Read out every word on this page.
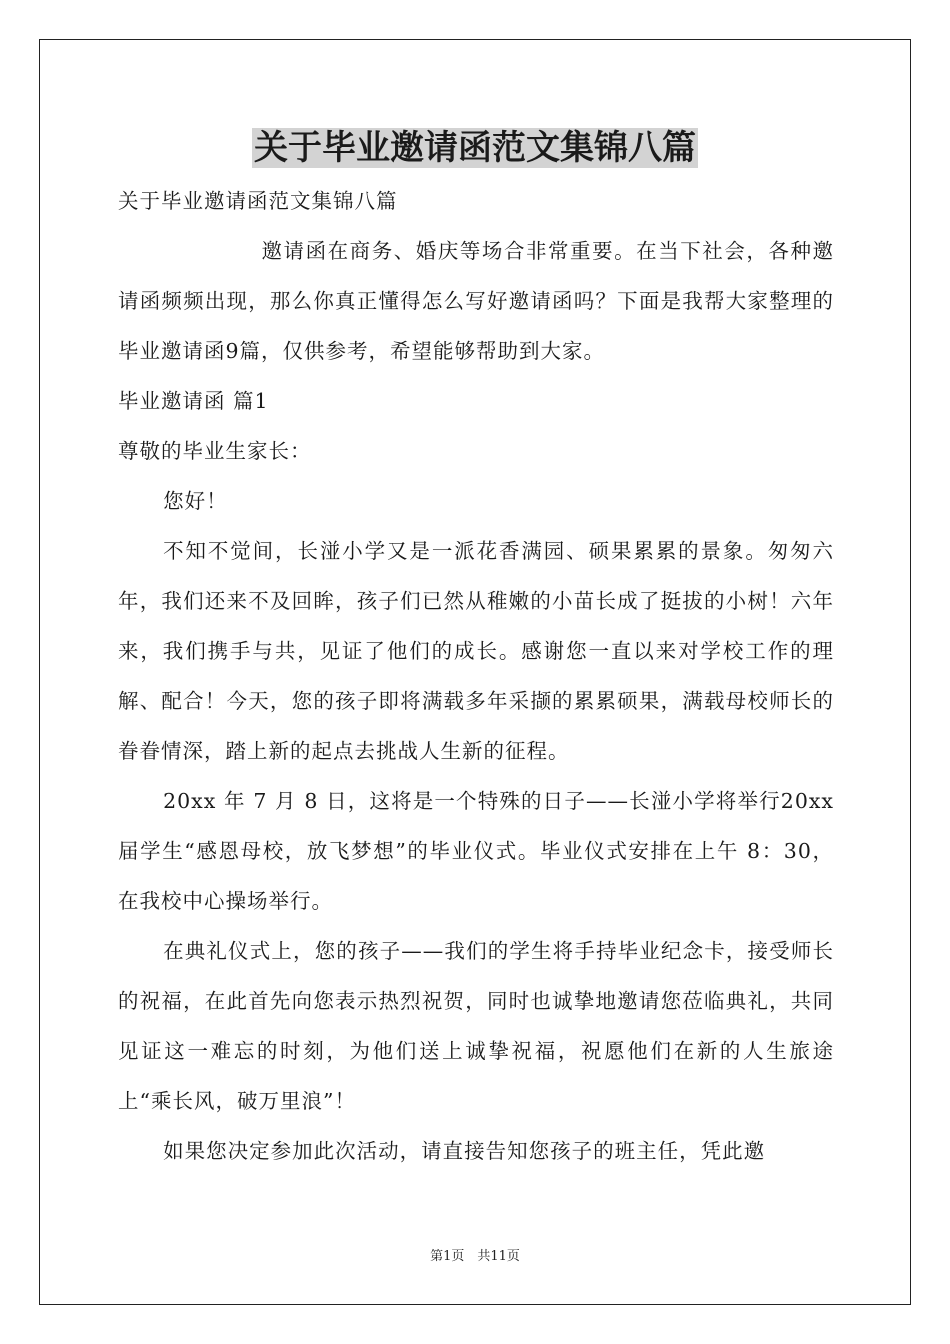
关于毕业邀请函范文集锦八篇

关于毕业邀请函范文集锦八篇

邀请函在商务、婚庆等场合非常重要。在当下社会，各种邀请函频频出现，那么你真正懂得怎么写好邀请函吗？下面是我帮大家整理的毕业邀请函9篇，仅供参考，希望能够帮助到大家。

毕业邀请函 篇1

尊敬的毕业生家长：

您好！

不知不觉间，长湴小学又是一派花香满园、硕果累累的景象。匆匆六年，我们还来不及回眸，孩子们已然从稚嫩的小苗长成了挺拔的小树！六年来，我们携手与共，见证了他们的成长。感谢您一直以来对学校工作的理解、配合！今天，您的孩子即将满载多年采撷的累累硕果，满载母校师长的眷眷情深，踏上新的起点去挑战人生新的征程。

20xx 年 7 月 8 日，这将是一个特殊的日子——长湴小学将举行20xx 届学生“感恩母校，放飞梦想”的毕业仪式。毕业仪式安排在上午 8：30，在我校中心操场举行。

在典礼仪式上，您的孩子——我们的学生将手持毕业纪念卡，接受师长的祝福，在此首先向您表示热烈祝贺，同时也诚挚地邀请您莅临典礼，共同见证这一难忘的时刻，为他们送上诚挚祝福，祝愿他们在新的人生旅途上“乘长风，破万里浪”！

如果您决定参加此次活动，请直接告知您孩子的班主任，凭此邀

第1页　共11页
